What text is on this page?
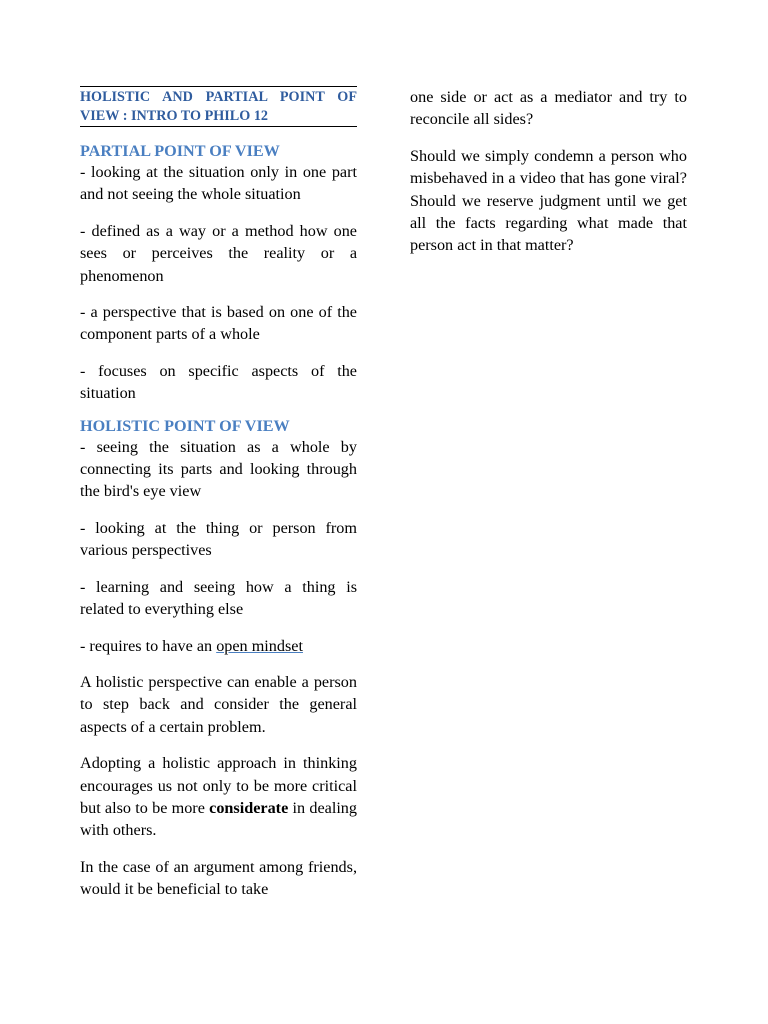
HOLISTIC AND PARTIAL POINT OF VIEW : INTRO TO PHILO 12
PARTIAL POINT OF VIEW

- looking at the situation only in one part and not seeing the whole situation

- defined as a way or a method how one sees or perceives the reality or a phenomenon

- a perspective that is based on one of the component parts of a whole

- focuses on specific aspects of the situation

HOLISTIC POINT OF VIEW

- seeing the situation as a whole by connecting its parts and looking through the bird's eye view

- looking at the thing or person from various perspectives

- learning and seeing how a thing is related to everything else

- requires to have an open mindset

A holistic perspective can enable a person to step back and consider the general aspects of a certain problem.

Adopting a holistic approach in thinking encourages us not only to be more critical but also to be more considerate in dealing with others.

In the case of an argument among friends, would it be beneficial to take

one side or act as a mediator and try to reconcile all sides?

Should we simply condemn a person who misbehaved in a video that has gone viral? Should we reserve judgment until we get all the facts regarding what made that person act in that matter?
